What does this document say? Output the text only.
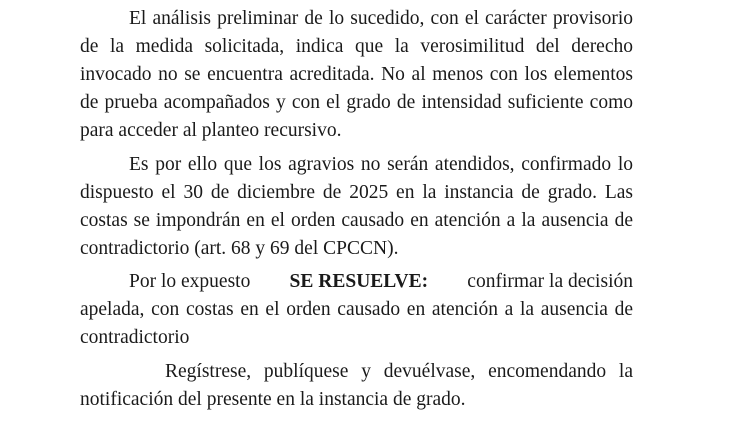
El análisis preliminar de lo sucedido, con el carácter provisorio
de la medida solicitada, indica que la verosimilitud del derecho
invocado no se encuentra acreditada. No al menos con los elementos
de prueba acompañados y con el grado de intensidad suficiente como
para acceder al planteo recursivo.
Es por ello que los agravios no serán atendidos, confirmado lo
dispuesto el 30 de diciembre de 2025 en la instancia de grado. Las
costas se impondrán en el orden causado en atención a la ausencia de
contradictorio (art. 68 y 69 del CPCCN).
Por lo expuesto SE RESUELVE: confirmar la decisión
apelada, con costas en el orden causado en atención a la ausencia de
contradictorio
Regístrese, publíquese y devuélvase, encomendando la
notificación del presente en la instancia de grado.
